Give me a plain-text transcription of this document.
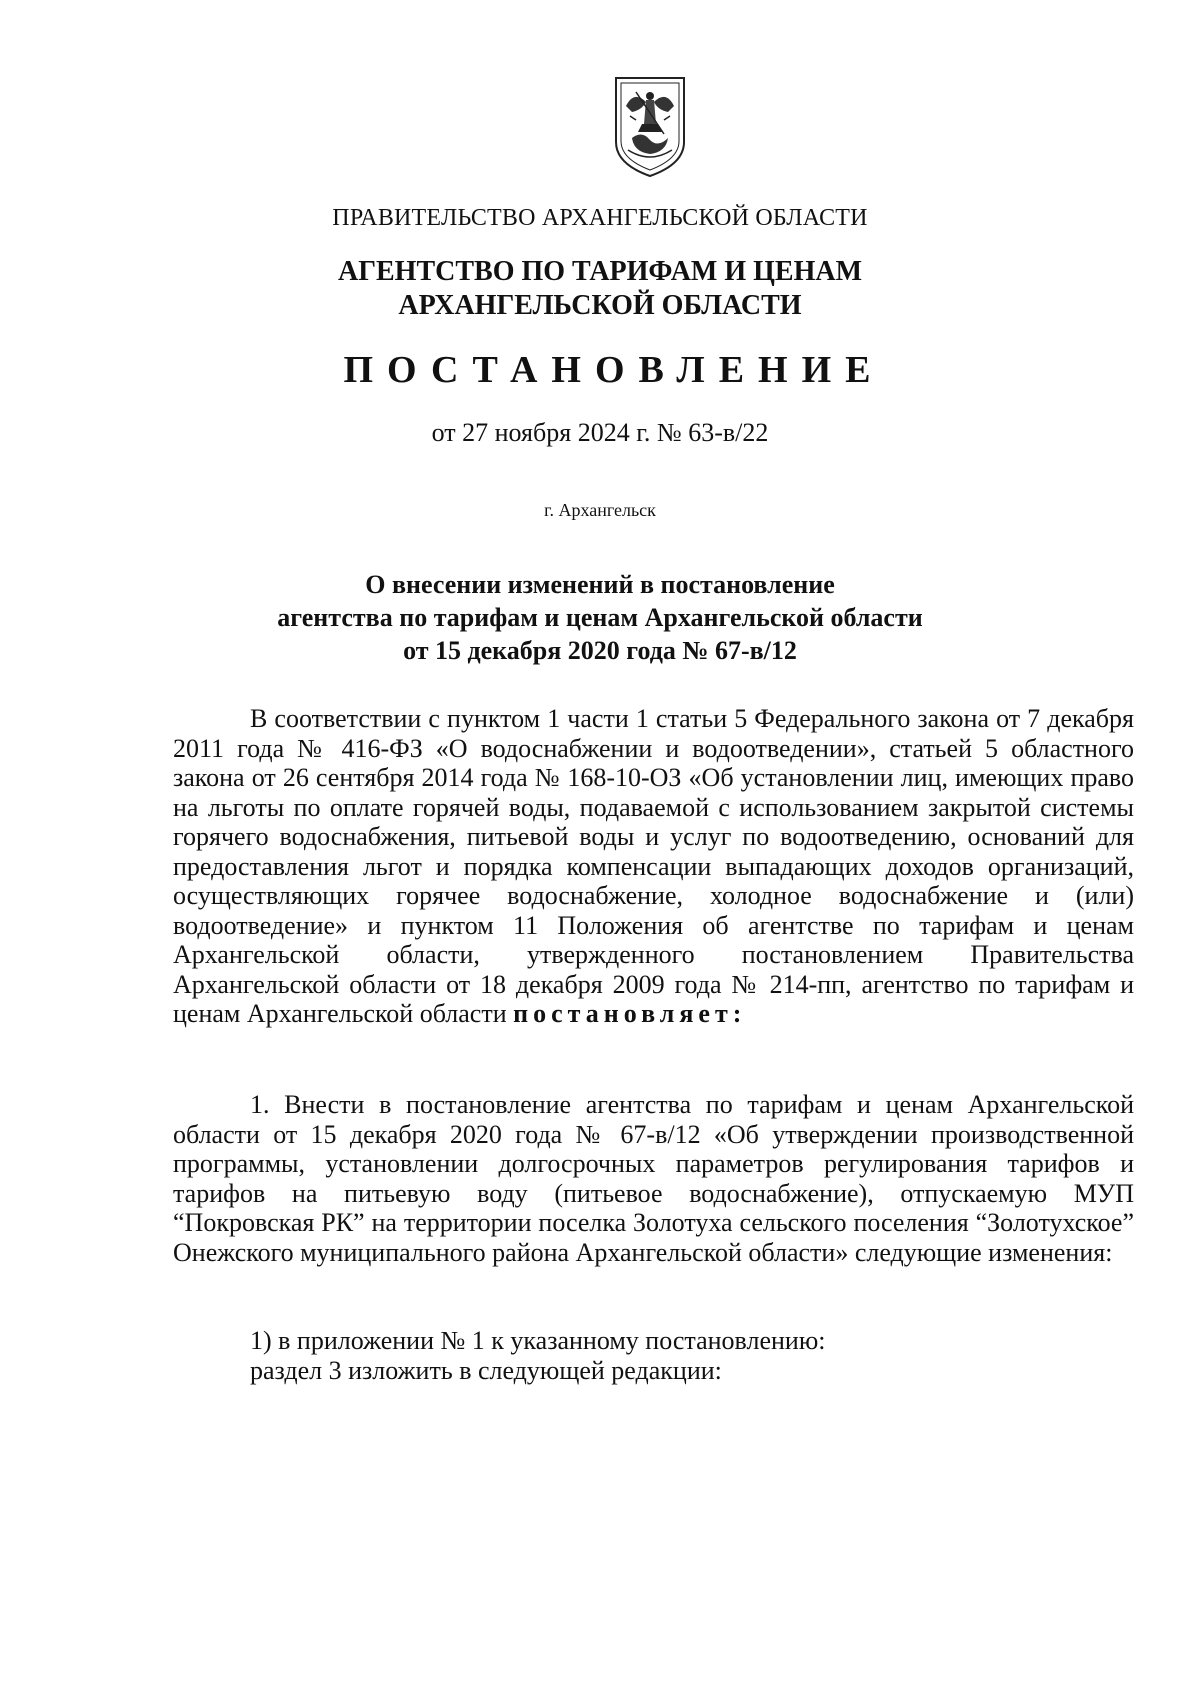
ПРАВИТЕЛЬСТВО АРХАНГЕЛЬСКОЙ ОБЛАСТИ
АГЕНТСТВО ПО ТАРИФАМ И ЦЕНАМ
АРХАНГЕЛЬСКОЙ ОБЛАСТИ
ПОСТАНОВЛЕНИЕ
от 27 ноября 2024 г. № 63-в/22
г. Архангельск
О внесении изменений в постановление
агентства по тарифам и ценам Архангельской области
от 15 декабря 2020 года № 67-в/12
В соответствии с пунктом 1 части 1 статьи 5 Федерального закона от 7 декабря 2011 года № 416-ФЗ «О водоснабжении и водоотведении», статьей 5 областного закона от 26 сентября 2014 года № 168-10-ОЗ «Об установлении лиц, имеющих право на льготы по оплате горячей воды, подаваемой с использованием закрытой системы горячего водоснабжения, питьевой воды и услуг по водоотведению, оснований для предоставления льгот и порядка компенсации выпадающих доходов организаций, осуществляющих горячее водоснабжение, холодное водоснабжение и (или) водоотведение» и пунктом 11 Положения об агентстве по тарифам и ценам Архангельской области, утвержденного постановлением Правительства Архангельской области от 18 декабря 2009 года № 214-пп, агентство по тарифам и ценам Архангельской области постановляет:
1. Внести в постановление агентства по тарифам и ценам Архангельской области от 15 декабря 2020 года № 67-в/12 «Об утверждении производственной программы, установлении долгосрочных параметров регулирования тарифов и тарифов на питьевую воду (питьевое водоснабжение), отпускаемую МУП “Покровская РК” на территории поселка Золотуха сельского поселения “Золотухское” Онежского муниципального района Архангельской области» следующие изменения:
1) в приложении № 1 к указанному постановлению:
раздел 3 изложить в следующей редакции:
